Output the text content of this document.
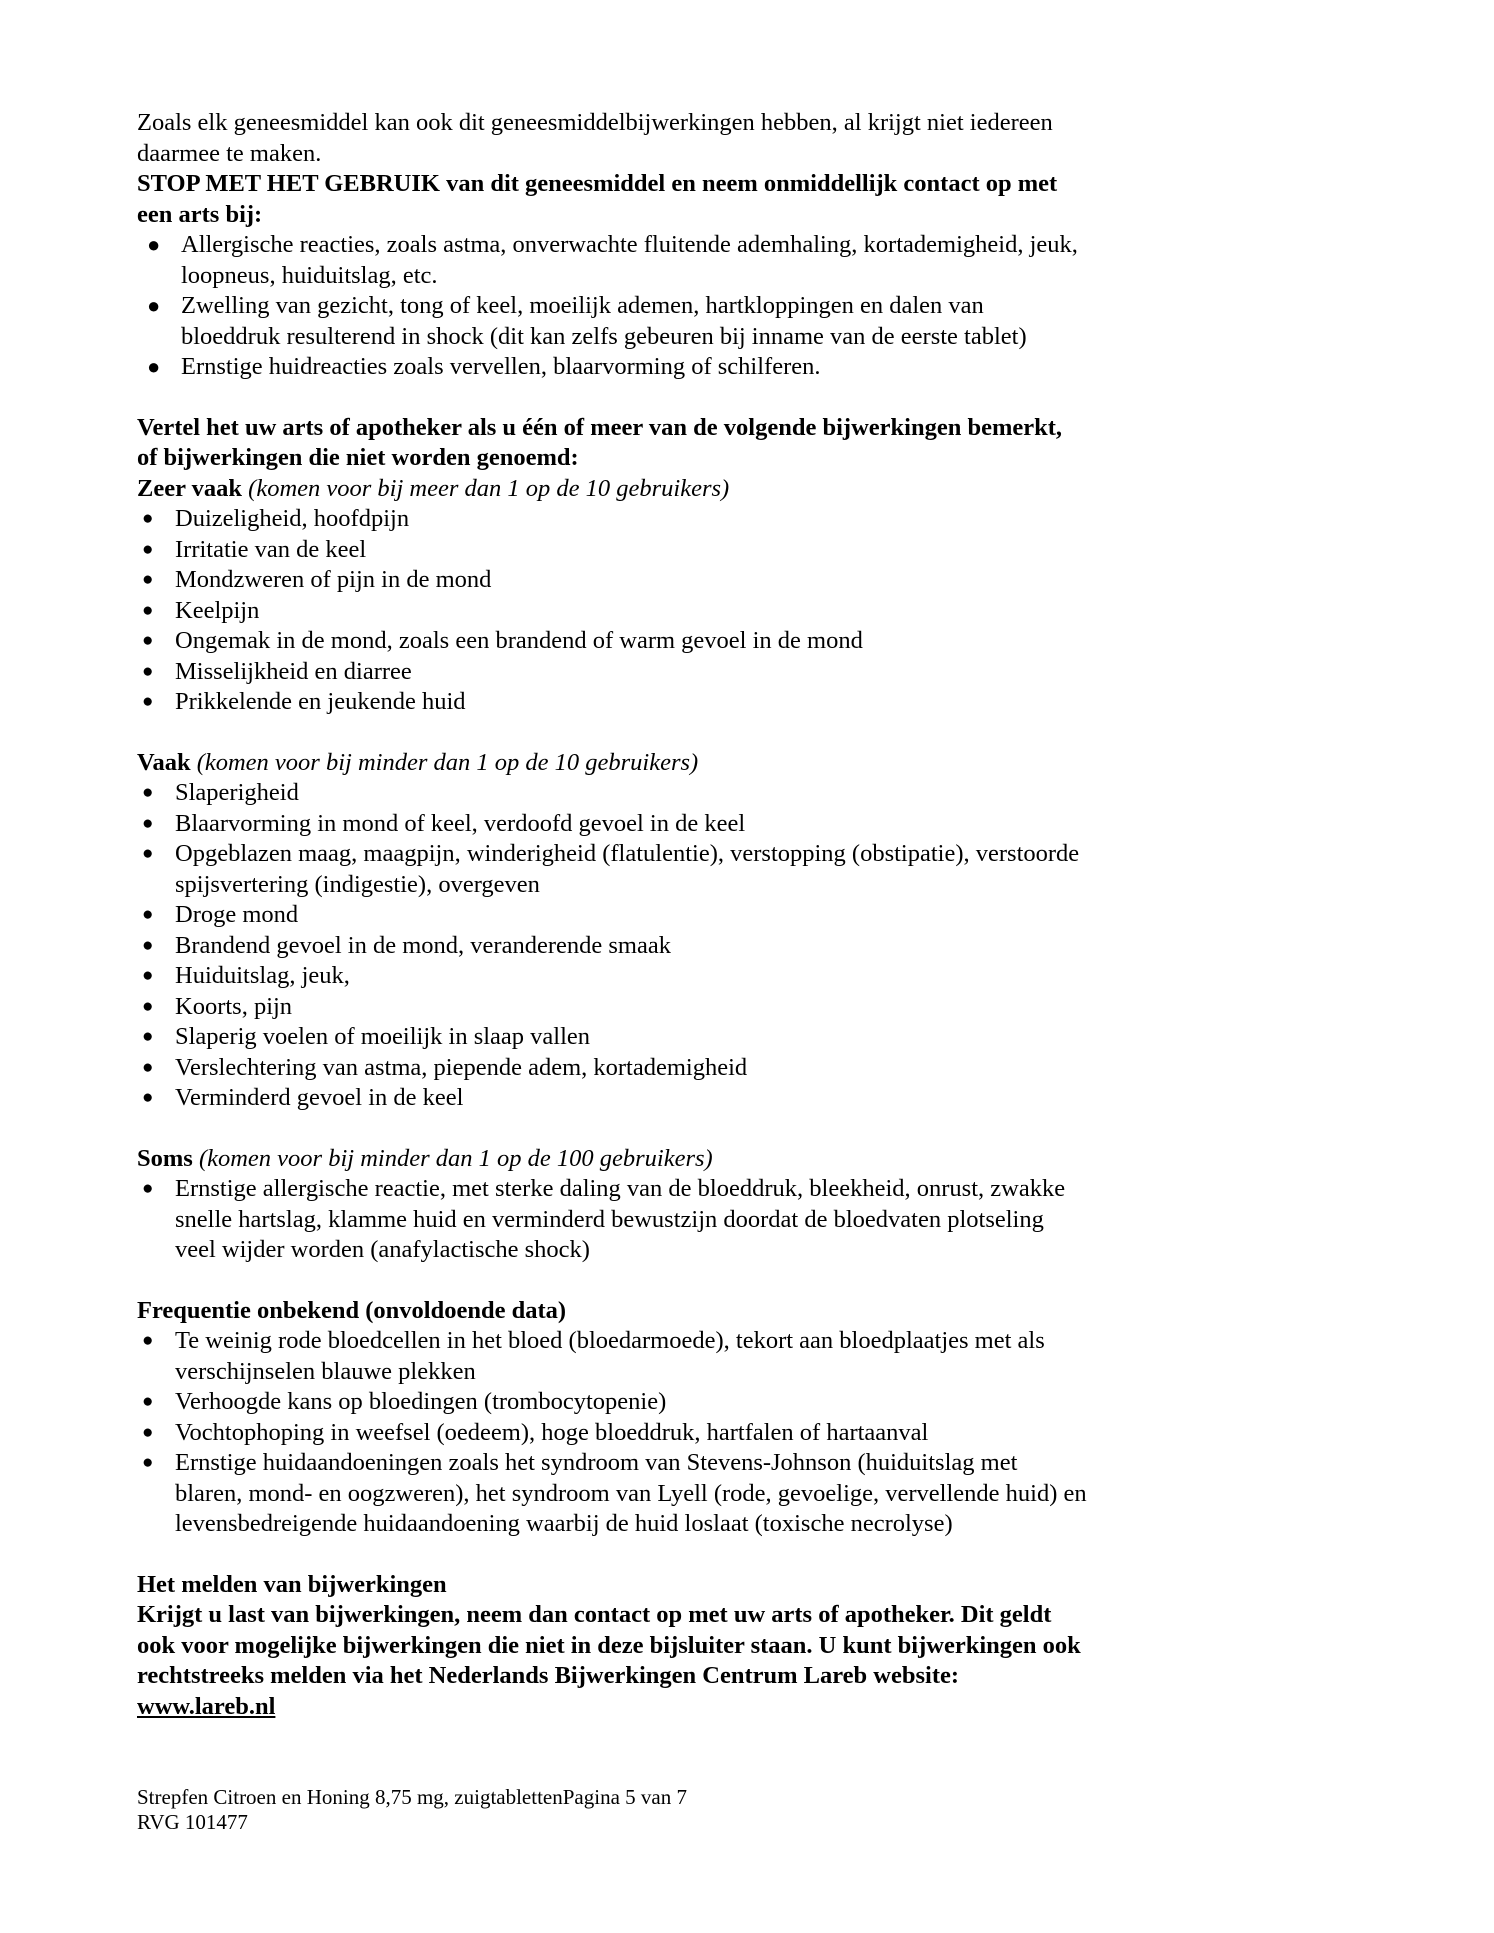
Zoals elk geneesmiddel kan ook dit geneesmiddelbijwerkingen hebben, al krijgt niet iedereen daarmee te maken.

STOP MET HET GEBRUIK van dit geneesmiddel en neem onmiddellijk contact op met een arts bij:

● Allergische reacties, zoals astma, onverwachte fluitende ademhaling, kortademigheid, jeuk, loopneus, huiduitslag, etc.
● Zwelling van gezicht, tong of keel, moeilijk ademen, hartkloppingen en dalen van bloeddruk resulterend in shock (dit kan zelfs gebeuren bij inname van de eerste tablet)
● Ernstige huidreacties zoals vervellen, blaarvorming of schilferen.

Vertel het uw arts of apotheker als u één of meer van de volgende bijwerkingen bemerkt, of bijwerkingen die niet worden genoemd:

Zeer vaak (komen voor bij meer dan 1 op de 10 gebruikers)
● Duizeligheid, hoofdpijn
● Irritatie van de keel
● Mondzweren of pijn in de mond
● Keelpijn
● Ongemak in de mond, zoals een brandend of warm gevoel in de mond
● Misselijkheid en diarree
● Prikkelende en jeukende huid
Vaak (komen voor bij minder dan 1 op de 10 gebruikers)
● Slaperigheid
● Blaarvorming in mond of keel, verdoofd gevoel in de keel
● Opgeblazen maag, maagpijn, winderigheid (flatulentie), verstopping (obstipatie), verstoorde spijsvertering (indigestie), overgeven
● Droge mond
● Brandend gevoel in de mond, veranderende smaak
● Huiduitslag, jeuk,
● Koorts, pijn
● Slaperig voelen of moeilijk in slaap vallen
● Verslechtering van astma, piepende adem, kortademigheid
● Verminderd gevoel in de keel
Soms (komen voor bij minder dan 1 op de 100 gebruikers)
● Ernstige allergische reactie, met sterke daling van de bloeddruk, bleekheid, onrust, zwakke snelle hartslag, klamme huid en verminderd bewustzijn doordat de bloedvaten plotseling veel wijder worden (anafylactische shock)
Frequentie onbekend (onvoldoende data)
● Te weinig rode bloedcellen in het bloed (bloedarmoede), tekort aan bloedplaatjes met als verschijnselen blauwe plekken
● Verhoogde kans op bloedingen (trombocytopenie)
● Vochtophoping in weefsel (oedeem), hoge bloeddruk, hartfalen of hartaanval
● Ernstige huidaandoeningen zoals het syndroom van Stevens-Johnson (huiduitslag met blaren, mond- en oogzweren), het syndroom van Lyell (rode, gevoelige, vervellende huid) en levensbedreigende huidaandoening waarbij de huid loslaat (toxische necrolyse)

Het melden van bijwerkingen

Krijgt u last van bijwerkingen, neem dan contact op met uw arts of apotheker. Dit geldt ook voor mogelijke bijwerkingen die niet in deze bijsluiter staan. U kunt bijwerkingen ook rechtstreeks melden via het Nederlands Bijwerkingen Centrum Lareb website: www.lareb.nl

Strepfen Citroen en Honing 8,75 mg, zuigtablettenPagina 5 van 7

RVG 101477
